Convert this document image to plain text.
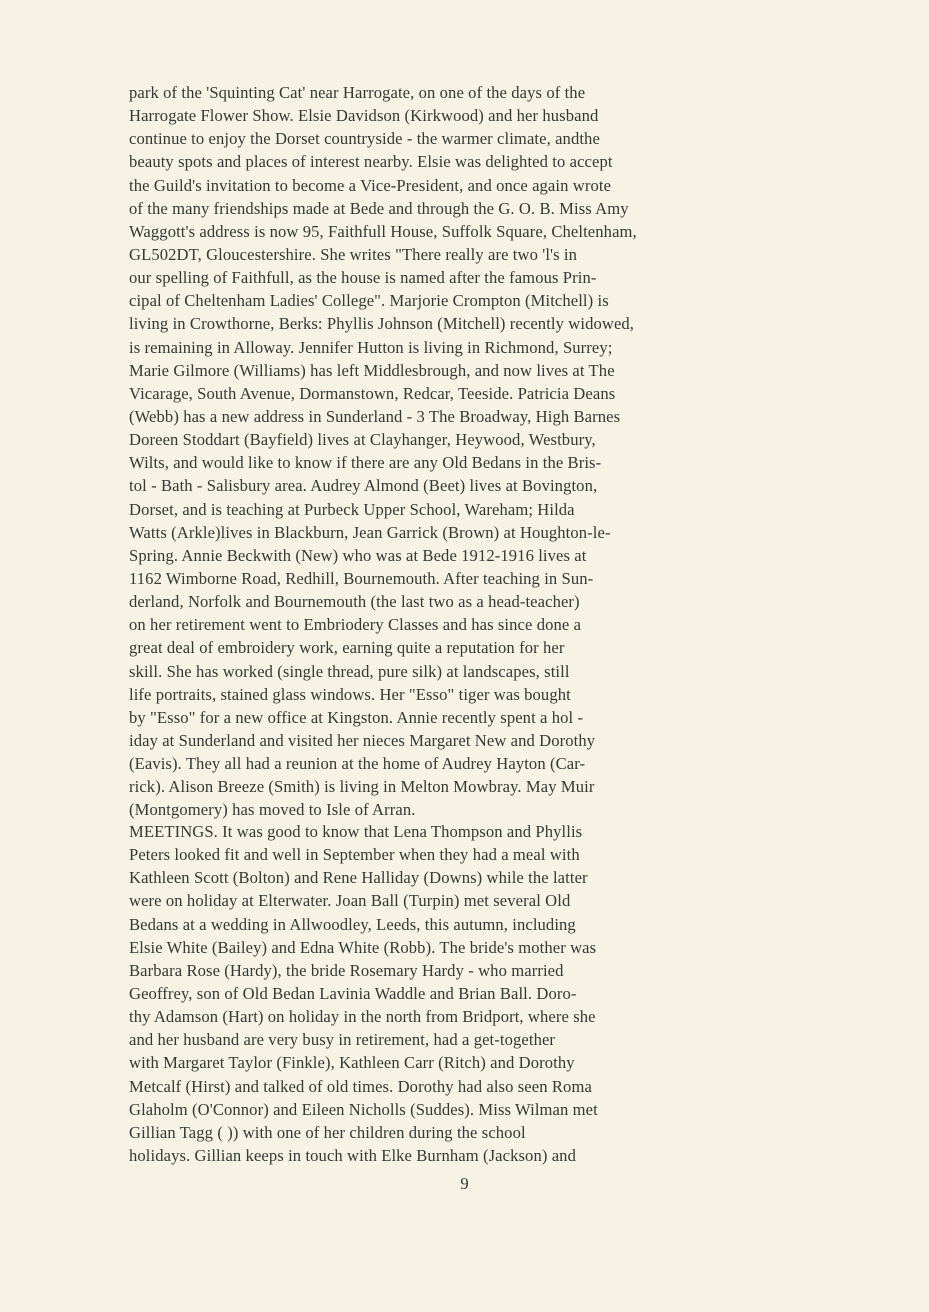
park of the 'Squinting Cat' near Harrogate, on one of the days of the
Harrogate Flower Show. Elsie Davidson (Kirkwood) and her husband
continue to enjoy the Dorset countryside - the warmer climate, andthe
beauty spots and places of interest nearby. Elsie was delighted to accept
the Guild's invitation to become a Vice-President, and once again wrote
of the many friendships made at Bede and through the G. O. B. Miss Amy
Waggott's address is now 95, Faithfull House, Suffolk Square, Cheltenham,
GL502DT, Gloucestershire. She writes "There really are two 'l's in
our spelling of Faithfull, as the house is named after the famous Prin-
cipal of Cheltenham Ladies' College". Marjorie Crompton (Mitchell) is
living in Crowthorne, Berks: Phyllis Johnson (Mitchell) recently widowed,
is remaining in Alloway. Jennifer Hutton is living in Richmond, Surrey;
Marie Gilmore (Williams) has left Middlesbrough, and now lives at The
Vicarage, South Avenue, Dormanstown, Redcar, Teeside. Patricia Deans
(Webb) has a new address in Sunderland - 3 The Broadway, High Barnes
Doreen Stoddart (Bayfield) lives at Clayhanger, Heywood, Westbury,
Wilts, and would like to know if there are any Old Bedans in the Bris-
tol - Bath - Salisbury area. Audrey Almond (Beet) lives at Bovington,
Dorset, and is teaching at Purbeck Upper School, Wareham; Hilda
Watts (Arkle)lives in Blackburn, Jean Garrick (Brown) at Houghton-le-
Spring. Annie Beckwith (New) who was at Bede 1912-1916 lives at
1162 Wimborne Road, Redhill, Bournemouth. After teaching in Sun-
derland, Norfolk and Bournemouth (the last two as a head-teacher)
on her retirement went to Embriodery Classes and has since done a
great deal of embroidery work, earning quite a reputation for her
skill. She has worked (single thread, pure silk) at landscapes, still
life portraits, stained glass windows. Her "Esso" tiger was bought
by "Esso" for a new office at Kingston. Annie recently spent a hol -
iday at Sunderland and visited her nieces Margaret New and Dorothy
(Eavis). They all had a reunion at the home of Audrey Hayton (Car-
rick). Alison Breeze (Smith) is living in Melton Mowbray. May Muir
(Montgomery) has moved to Isle of Arran.
MEETINGS. It was good to know that Lena Thompson and Phyllis
Peters looked fit and well in September when they had a meal with
Kathleen Scott (Bolton) and Rene Halliday (Downs) while the latter
were on holiday at Elterwater. Joan Ball (Turpin) met several Old
Bedans at a wedding in Allwoodley, Leeds, this autumn, including
Elsie White (Bailey) and Edna White (Robb). The bride's mother was
Barbara Rose (Hardy), the bride Rosemary Hardy - who married
Geoffrey, son of Old Bedan Lavinia Waddle and Brian Ball. Doro-
thy Adamson (Hart) on holiday in the north from Bridport, where she
and her husband are very busy in retirement, had a get-together
with Margaret Taylor (Finkle), Kathleen Carr (Ritch) and Dorothy
Metcalf (Hirst) and talked of old times. Dorothy had also seen Roma
Glaholm (O'Connor) and Eileen Nicholls (Suddes). Miss Wilman met
Gillian Tagg ( )) with one of her children during the school
holidays. Gillian keeps in touch with Elke Burnham (Jackson) and
9
